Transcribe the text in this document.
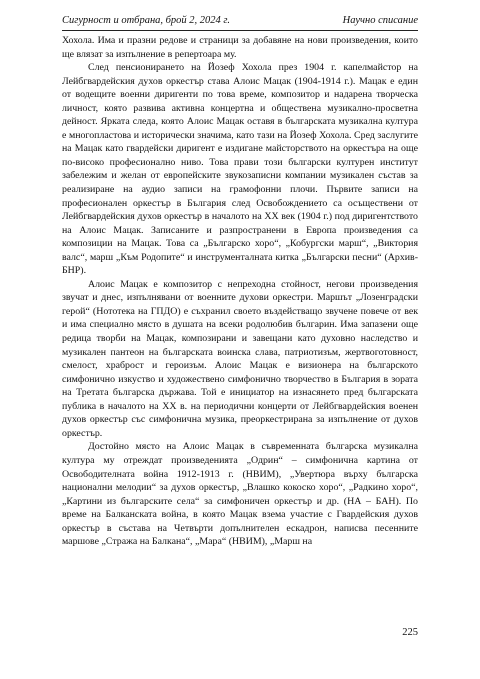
Сигурност и отбрана, брой 2, 2024 г.	Научно списание

Хохола. Има и празни редове и страници за добавяне на нови произведения, които ще влязат за изпълнение в репертоара му.

След пенсионирането на Йозеф Хохола през 1904 г. капелмайстор на Лейбгвардейския духов оркестър става Алоис Мацак (1904-1914 г.). Мацак е един от водещите военни диригенти по това време, композитор и надарена творческа личност, която развива активна концертна и обществена музикално-просветна дейност. Ярката следа, която Алоис Мацак оставя в българската музикална култура е многопластова и исторически значима, като тази на Йозеф Хохола. Сред заслугите на Мацак като гвардейски диригент е издигане майсторството на оркестъра на още по-високо професионално ниво. Това прави този български културен институт забележим и желан от европейските звукозаписни компании музикален състав за реализиране на аудио записи на грамофонни плочи. Първите записи на професионален оркестър в България след Освобождението са осъществени от Лейбгвардейския духов оркестър в началото на ХХ век (1904 г.) под диригентството на Алоис Мацак. Записаните и разпространени в Европа произведения са композиции на Мацак. Това са „Българско хоро“, „Кобургски марш“, „Виктория валс“, марш „Към Родопите“ и инструменталната китка „Български песни“ (Архив-БНР).

Алоис Мацак е композитор с непреходна стойност, негови произведения звучат и днес, изпълнявани от военните духови оркестри. Маршът „Лозенградски герой“ (Нототека на ГПДО) е съхранил своето въздействащо звучене повече от век и има специално място в душата на всеки родолюбив българин. Има запазени още редица творби на Мацак, композирани и завещани като духовно наследство и музикален пантеон на българската воинска слава, патриотизъм, жертвоготовност, смелост, храброст и героизъм. Алоис Мацак е визионера на българското симфонично изкуство и художествено симфонично творчество в България в зората на Третата българска държава. Той е инициатор на изнасянето пред българската публика в началото на ХХ в. на периодични концерти от Лейбгвардейския военен духов оркестър със симфонична музика, преоркестрирана за изпълнение от духов оркестър.

Достойно място на Алоис Мацак в съвременната българска музикална култура му отреждат произведенията „Одрин“ – симфонична картина от Освободителната война 1912-1913 г. (НВИМ), „Увертюра върху българска национални мелодии“ за духов оркестър, „Влашко кокоско хоро“, „Радкино хоро“, „Картини из българските села“ за симфоничен оркестър и др. (НА – БАН). По време на Балканската война, в която Мацак взема участие с Гвардейския духов оркестър в състава на Четвърти допълнителен ескадрон, написва песенните маршове „Стража на Балкана“, „Мара“ (НВИМ), „Марш на

225
